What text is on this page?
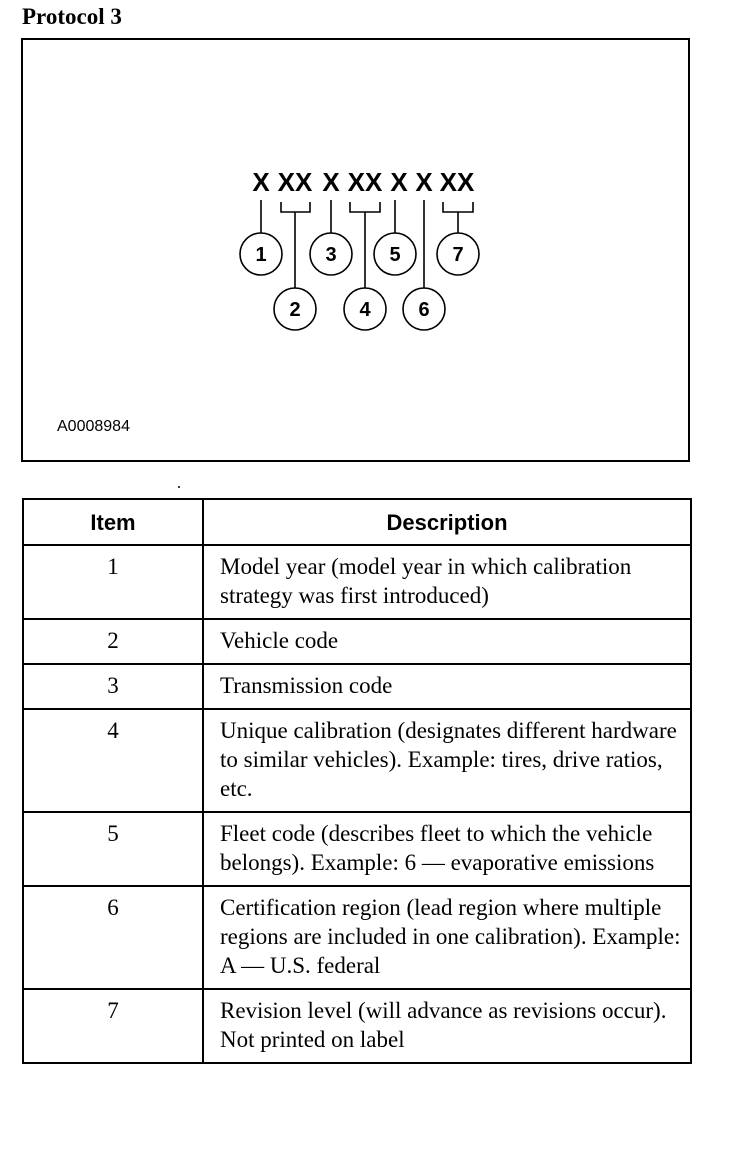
Protocol 3
X XX X XX X X XX
1
2
3
4
5
6
7
A0008984
Item	Description
1	Model year (model year in which calibration strategy was first introduced)
2	Vehicle code
3	Transmission code
4	Unique calibration (designates different hardware to similar vehicles). Example: tires, drive ratios, etc.
5	Fleet code (describes fleet to which the vehicle belongs). Example: 6 — evaporative emissions
6	Certification region (lead region where multiple regions are included in one calibration). Example: A — U.S. federal
7	Revision level (will advance as revisions occur). Not printed on label
